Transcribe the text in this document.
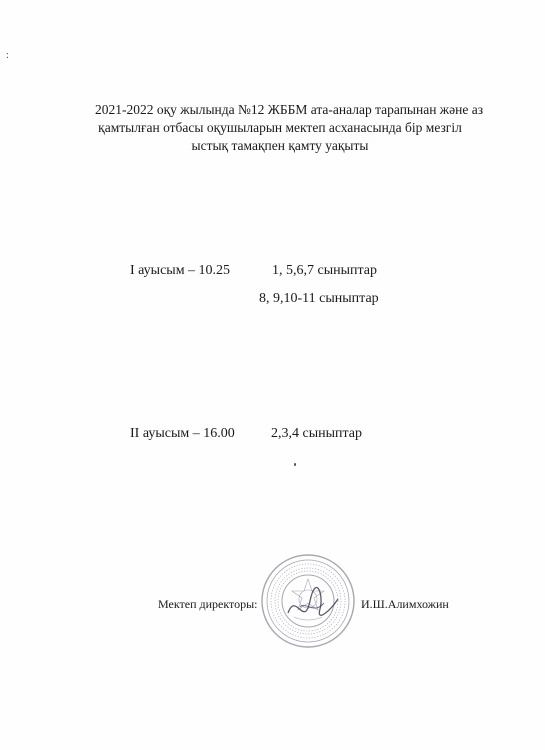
:
2021-2022 оқу жылында №12 ЖББМ ата-аналар тарапынан және аз
қамтылған отбасы оқушыларын мектеп асханасында бір мезгіл
ыстық тамақпен қамту уақыты
I ауысым – 10.25	1, 5,6,7 сыныптар
8, 9,10-11 сыныптар
II ауысым – 16.00	2,3,4 сыныптар
Мектеп директоры:	И.Ш.Алимхожин
